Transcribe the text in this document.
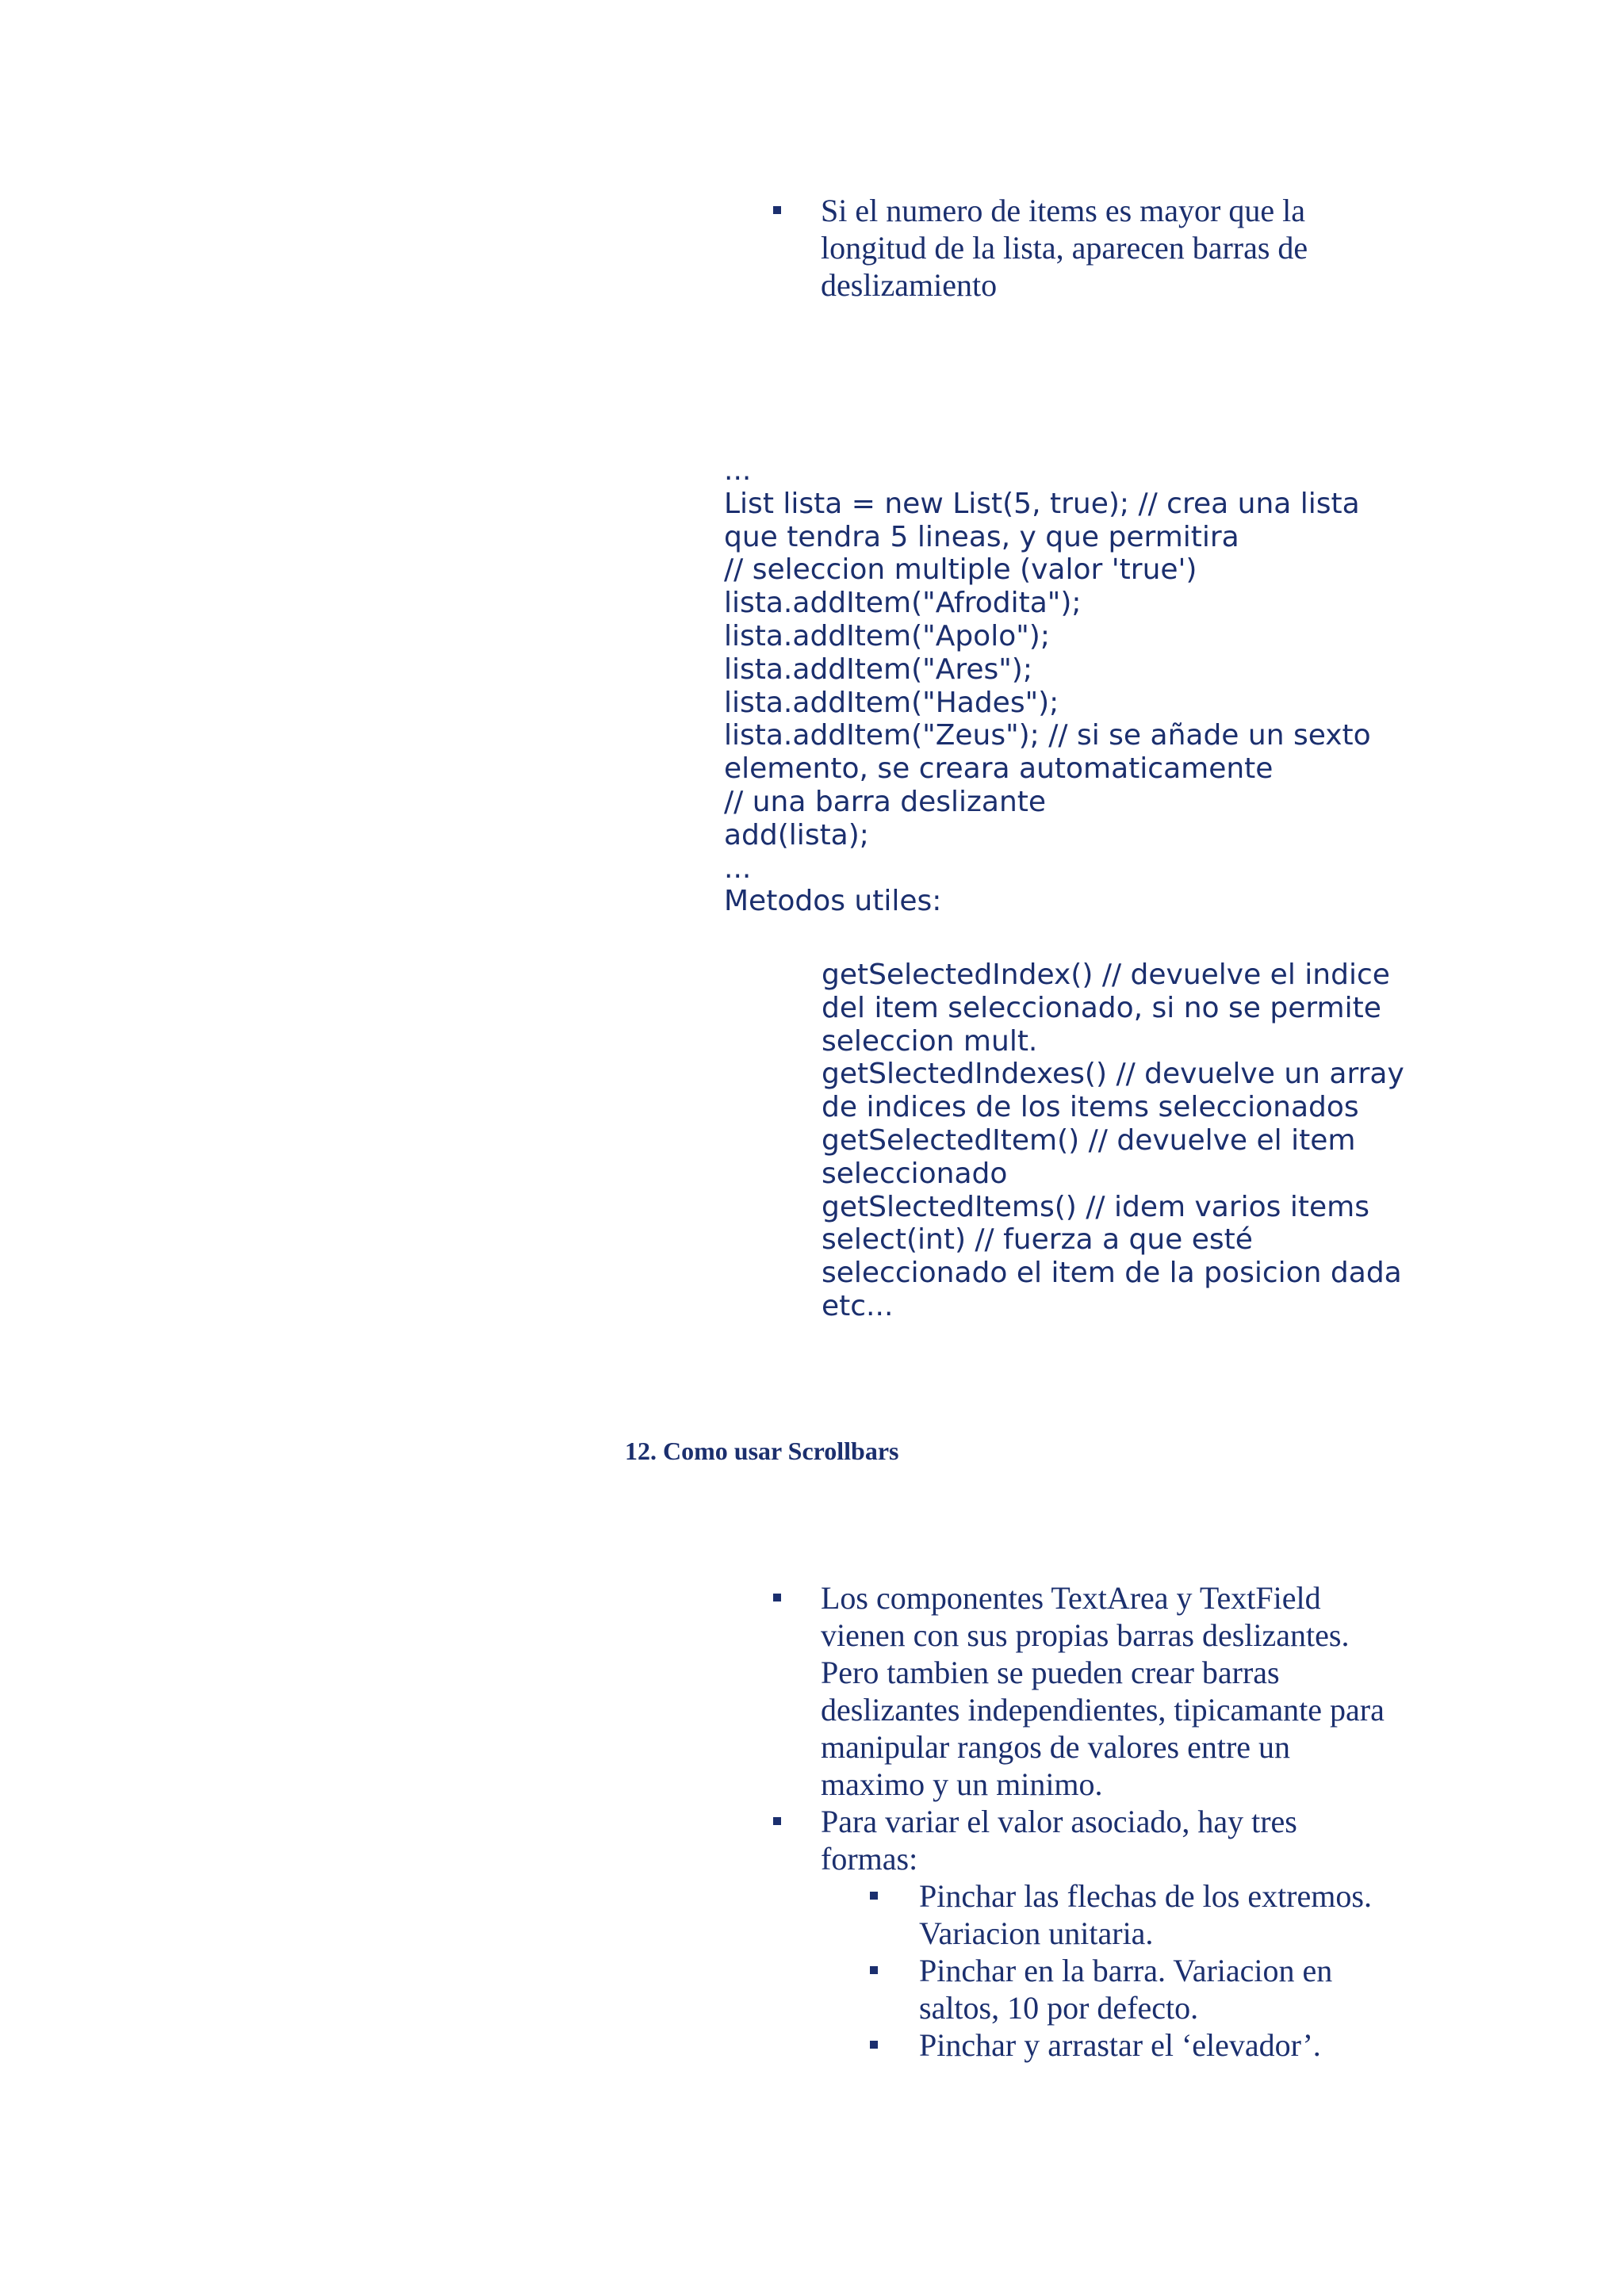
Si el numero de items es mayor que la longitud de la lista, aparecen barras de deslizamiento
...
List lista = new List(5, true); // crea una lista
que tendra 5 lineas, y que permitira
// seleccion multiple (valor 'true')
lista.addItem("Afrodita");
lista.addItem("Apolo");
lista.addItem("Ares");
lista.addItem("Hades");
lista.addItem("Zeus"); // si se añade un sexto
elemento, se creara automaticamente
// una barra deslizante
add(lista);
...
Metodos utiles:
getSelectedIndex() // devuelve el indice
del item seleccionado, si no se permite
seleccion mult.
getSlectedIndexes() // devuelve un array
de indices de los items seleccionados
getSelectedItem() // devuelve el item
seleccionado
getSlectedItems() // idem varios items
select(int) // fuerza a que esté
seleccionado el item de la posicion dada
etc...
12. Como usar Scrollbars
Los componentes TextArea y TextField vienen con sus propias barras deslizantes. Pero tambien se pueden crear barras deslizantes independientes, tipicamante para manipular rangos de valores entre un maximo y un minimo.
Para variar el valor asociado, hay tres formas:
Pinchar las flechas de los extremos. Variacion unitaria.
Pinchar en la barra. Variacion en saltos, 10 por defecto.
Pinchar y arrastar el ‘elevador’.
